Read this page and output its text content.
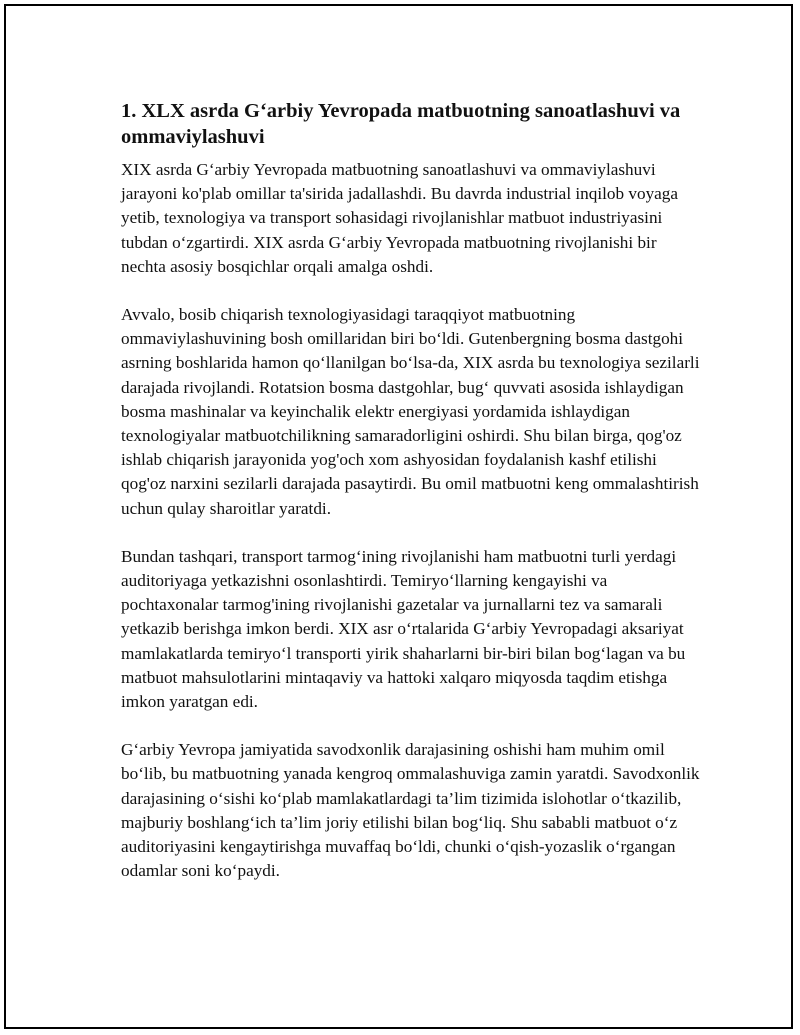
1. XLX asrda G‘arbiy Yevropada matbuotning sanoatlashuvi va ommaviylashuvi

XIX asrda G‘arbiy Yevropada matbuotning sanoatlashuvi va ommaviylashuvi jarayoni ko'plab omillar ta'sirida jadallashdi. Bu davrda industrial inqilob voyaga yetib, texnologiya va transport sohasidagi rivojlanishlar matbuot industriyasini tubdan o‘zgartirdi. XIX asrda G‘arbiy Yevropada matbuotning rivojlanishi bir nechta asosiy bosqichlar orqali amalga oshdi.

Avvalo, bosib chiqarish texnologiyasidagi taraqqiyot matbuotning ommaviylashuvining bosh omillaridan biri bo‘ldi. Gutenbergning bosma dastgohi asrning boshlarida hamon qo‘llanilgan bo‘lsa-da, XIX asrda bu texnologiya sezilarli darajada rivojlandi. Rotatsion bosma dastgohlar, bug‘ quvvati asosida ishlaydigan bosma mashinalar va keyinchalik elektr energiyasi yordamida ishlaydigan texnologiyalar matbuotchilikning samaradorligini oshirdi. Shu bilan birga, qog'oz ishlab chiqarish jarayonida yog'och xom ashyosidan foydalanish kashf etilishi qog'oz narxini sezilarli darajada pasaytirdi. Bu omil matbuotni keng ommalashtirish uchun qulay sharoitlar yaratdi.

Bundan tashqari, transport tarmog‘ining rivojlanishi ham matbuotni turli yerdagi auditoriyaga yetkazishni osonlashtirdi. Temiryo‘llarning kengayishi va pochtaxonalar tarmog'ining rivojlanishi gazetalar va jurnallarni tez va samarali yetkazib berishga imkon berdi. XIX asr o‘rtalarida G‘arbiy Yevropadagi aksariyat mamlakatlarda temiryo‘l transporti yirik shaharlarni bir-biri bilan bog‘lagan va bu matbuot mahsulotlarini mintaqaviy va hattoki xalqaro miqyosda taqdim etishga imkon yaratgan edi.

G‘arbiy Yevropa jamiyatida savodxonlik darajasining oshishi ham muhim omil bo‘lib, bu matbuotning yanada kengroq ommalashuviga zamin yaratdi. Savodxonlik darajasining o‘sishi ko‘plab mamlakatlardagi ta’lim tizimida islohotlar o‘tkazilib, majburiy boshlang‘ich ta’lim joriy etilishi bilan bog‘liq. Shu sababli matbuot o‘z auditoriyasini kengaytirishga muvaffaq bo‘ldi, chunki o‘qish-yozaslik o‘rgangan odamlar soni ko‘paydi.
